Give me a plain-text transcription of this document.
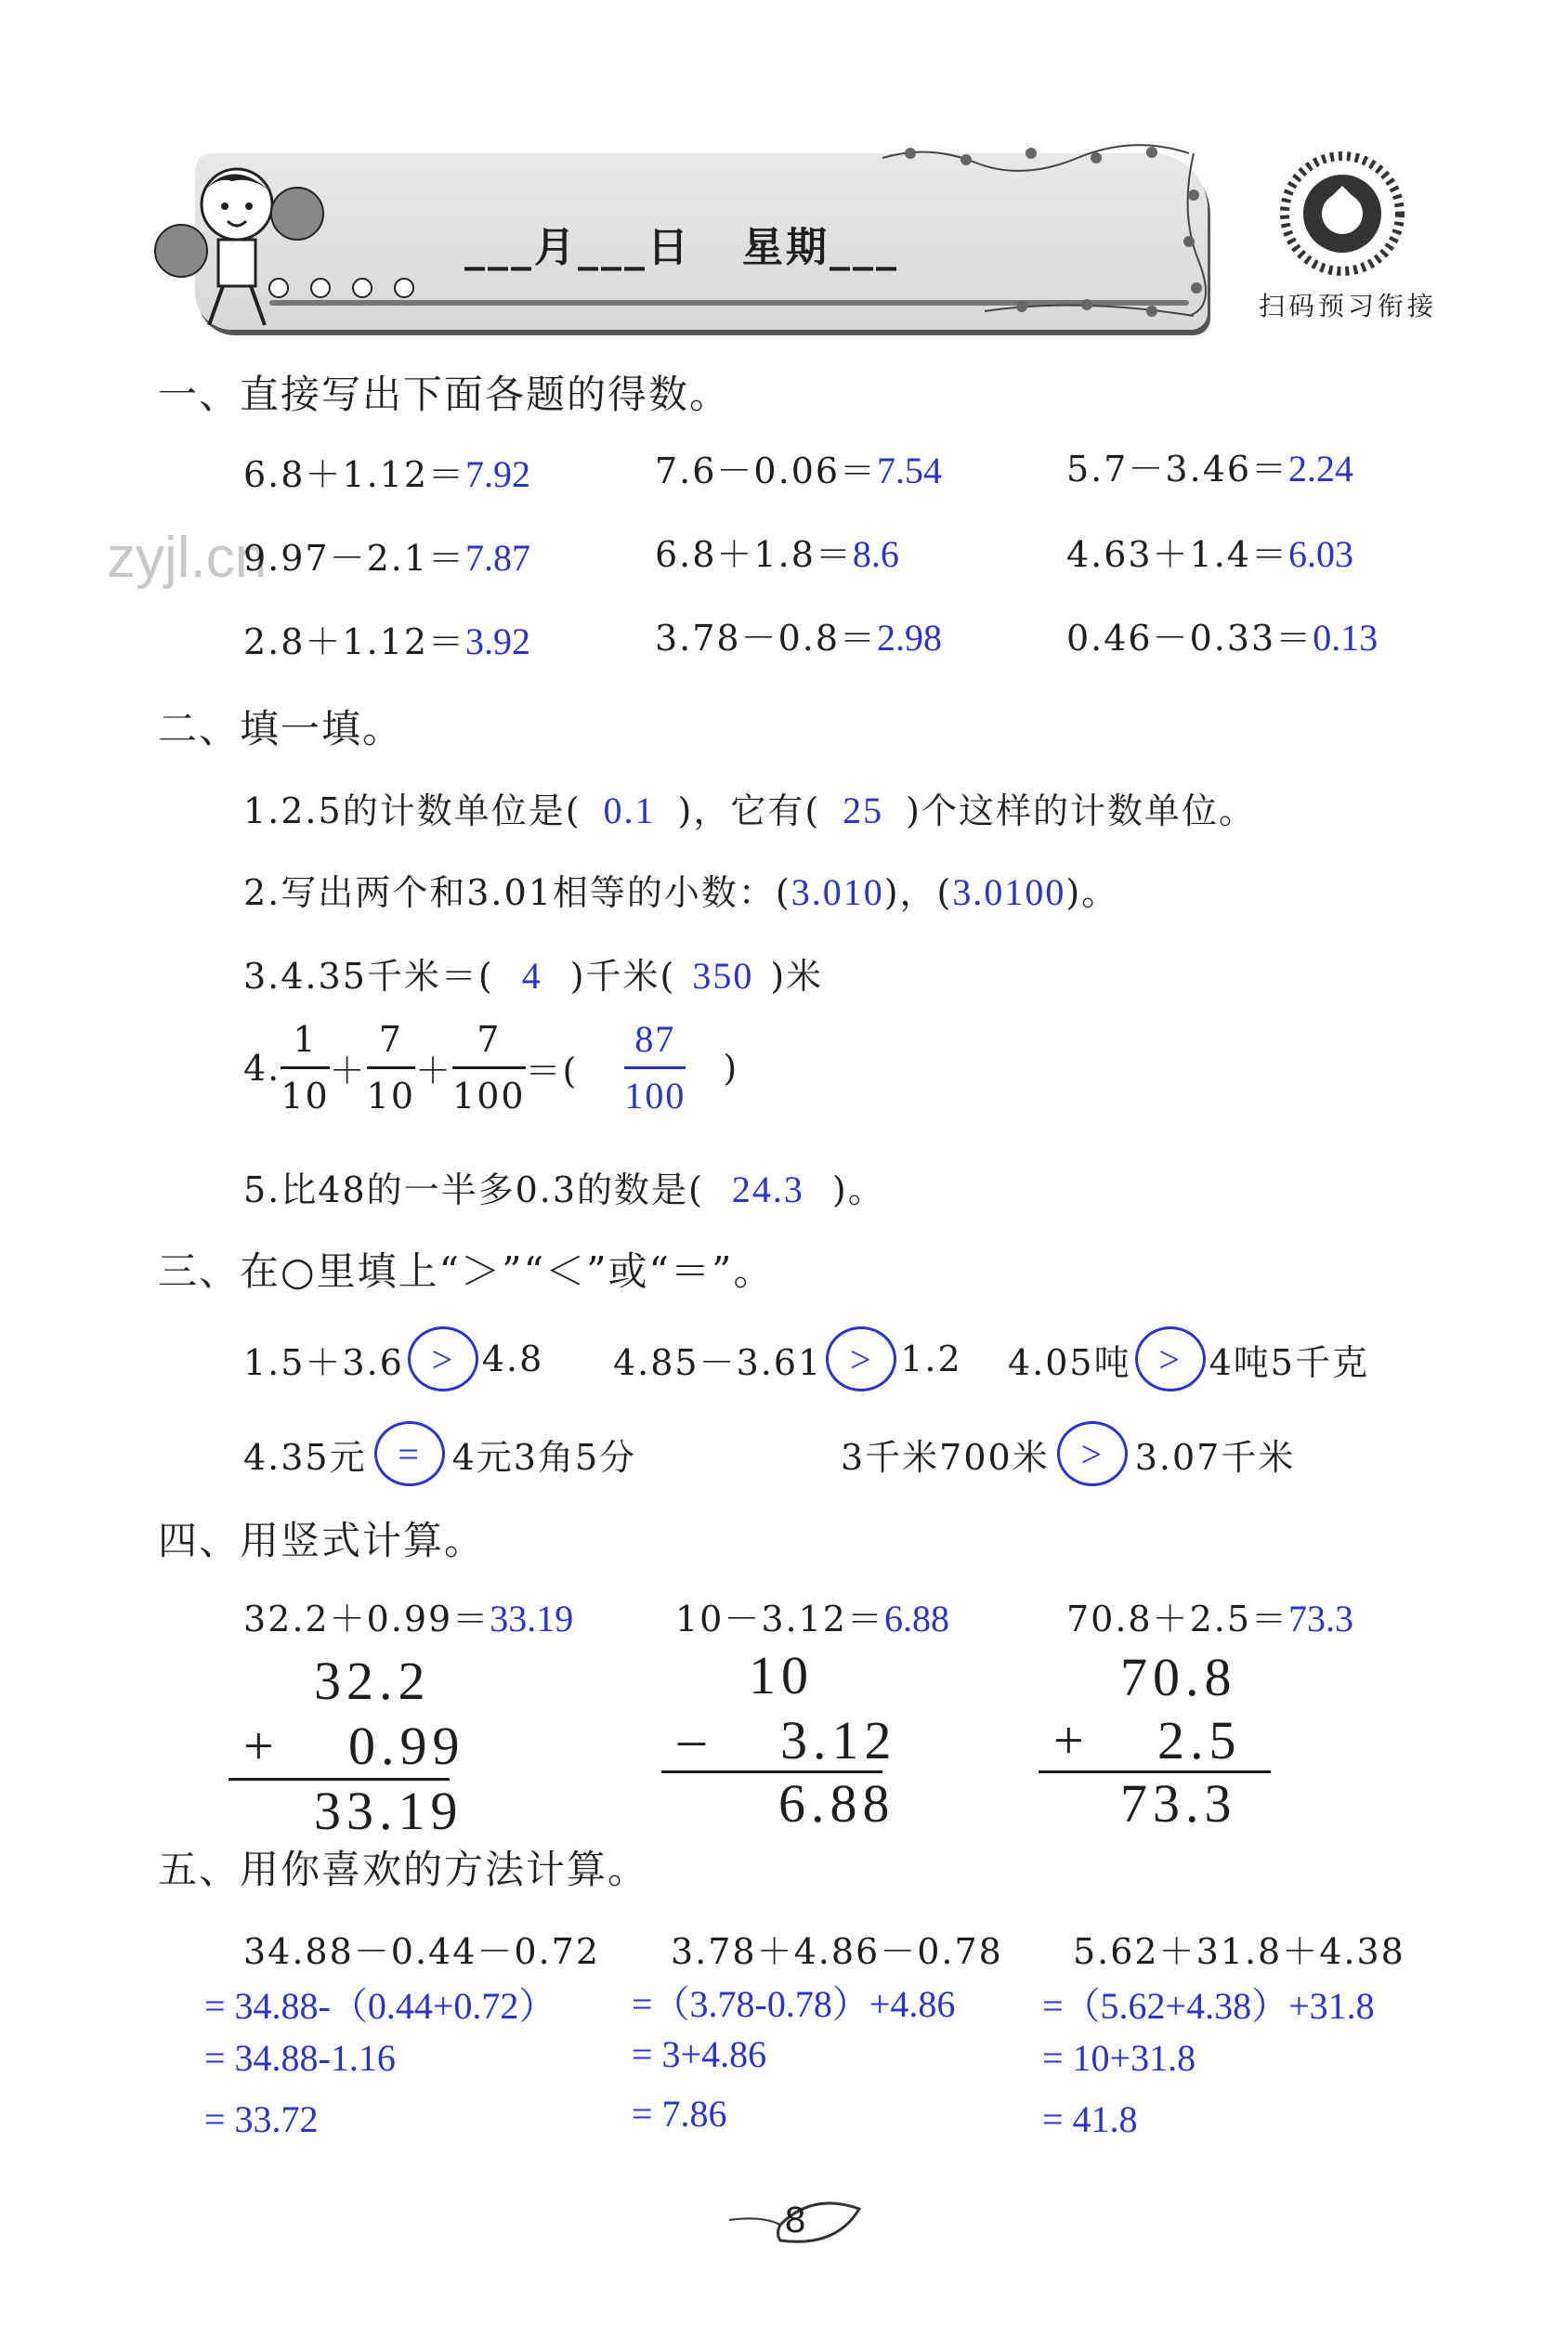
___月___日   星期___
扫码预习衔接
zyjl.cn
一、直接写出下面各题的得数。
6.8＋1.12＝7.92	7.6－0.06＝7.54	5.7－3.46＝2.24
9.97－2.1＝7.87	6.8＋1.8＝8.6	4.63＋1.4＝6.03
2.8＋1.12＝3.92	3.78－0.8＝2.98	0.46－0.33＝0.13
二、填一填。
1.2.5的计数单位是( 0.1 )，它有( 25 )个这样的计数单位。
2.写出两个和3.01相等的小数：(3.010)，(3.0100)。
3.4.35千米＝( 4 )千米( 350 )米
4. $\frac{1}{10} + \frac{7}{10} + \frac{7}{100}$ ＝( $\frac{87}{100}$ )
5.比48的一半多0.3的数是( 24.3 )。
三、在○里填上“＞”“＜”或“＝”。
1.5＋3.6 > 4.8 4.85－3.61 > 1.2 4.05吨 > 4吨5千克
4.35元 = 4元3角5分	3千米700米 > 3.07千米
四、用竖式计算。
32.2＋0.99＝33.19	10－3.12＝6.88	70.8＋2.5＝73.3
32.2
+ 0.99
33.19
10
– 3.12
6.88
70.8
+ 2.5
73.3
五、用你喜欢的方法计算。
34.88－0.44－0.72
= 34.88-（0.44+0.72）
= 34.88-1.16
= 33.72
3.78＋4.86－0.78
=（3.78-0.78）+4.86
= 3+4.86
= 7.86
5.62＋31.8＋4.38
=（5.62+4.38）+31.8
= 10+31.8
= 41.8
8
